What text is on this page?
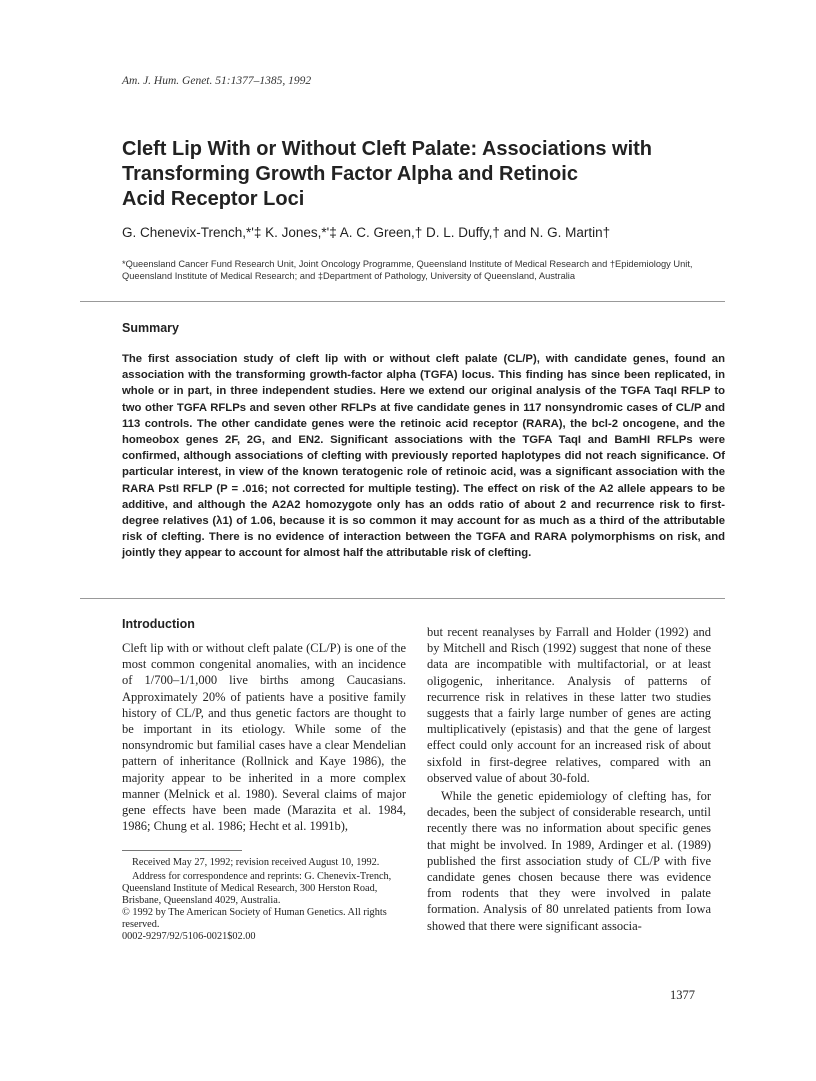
Am. J. Hum. Genet. 51:1377–1385, 1992
Cleft Lip With or Without Cleft Palate: Associations with
Transforming Growth Factor Alpha and Retinoic
Acid Receptor Loci
G. Chenevix-Trench,*'‡ K. Jones,*'‡ A. C. Green,† D. L. Duffy,† and N. G. Martin†
*Queensland Cancer Fund Research Unit, Joint Oncology Programme, Queensland Institute of Medical Research and †Epidemiology Unit,
Queensland Institute of Medical Research; and ‡Department of Pathology, University of Queensland, Australia
Summary

The first association study of cleft lip with or without cleft palate (CL/P), with candidate genes, found an association with the transforming growth-factor alpha (TGFA) locus. This finding has since been replicated, in whole or in part, in three independent studies. Here we extend our original analysis of the TGFA TaqI RFLP to two other TGFA RFLPs and seven other RFLPs at five candidate genes in 117 nonsyndromic cases of CL/P and 113 controls. The other candidate genes were the retinoic acid receptor (RARA), the bcl-2 oncogene, and the homeobox genes 2F, 2G, and EN2. Significant associations with the TGFA TaqI and BamHI RFLPs were confirmed, although associations of clefting with previously reported haplotypes did not reach significance. Of particular interest, in view of the known teratogenic role of retinoic acid, was a significant association with the RARA PstI RFLP (P = .016; not corrected for multiple testing). The effect on risk of the A2 allele appears to be additive, and although the A2A2 homozygote only has an odds ratio of about 2 and recurrence risk to first-degree relatives (λ1) of 1.06, because it is so common it may account for as much as a third of the attributable risk of clefting. There is no evidence of interaction between the TGFA and RARA polymorphisms on risk, and jointly they appear to account for almost half the attributable risk of clefting.

Introduction

Cleft lip with or without cleft palate (CL/P) is one of the most common congenital anomalies, with an incidence of 1/700–1/1,000 live births among Caucasians. Approximately 20% of patients have a positive family history of CL/P, and thus genetic factors are thought to be important in its etiology. While some of the nonsyndromic but familial cases have a clear Mendelian pattern of inheritance (Rollnick and Kaye 1986), the majority appear to be inherited in a more complex manner (Melnick et al. 1980). Several claims of major gene effects have been made (Marazita et al. 1984, 1986; Chung et al. 1986; Hecht et al. 1991b),

Received May 27, 1992; revision received August 10, 1992.
Address for correspondence and reprints: G. Chenevix-Trench, Queensland Institute of Medical Research, 300 Herston Road, Brisbane, Queensland 4029, Australia.
© 1992 by The American Society of Human Genetics. All rights reserved.
0002-9297/92/5106-0021$02.00

but recent reanalyses by Farrall and Holder (1992) and by Mitchell and Risch (1992) suggest that none of these data are incompatible with multifactorial, or at least oligogenic, inheritance. Analysis of patterns of recurrence risk in relatives in these latter two studies suggests that a fairly large number of genes are acting multiplicatively (epistasis) and that the gene of largest effect could only account for an increased risk of about sixfold in first-degree relatives, compared with an observed value of about 30-fold.

While the genetic epidemiology of clefting has, for decades, been the subject of considerable research, until recently there was no information about specific genes that might be involved. In 1989, Ardinger et al. (1989) published the first association study of CL/P with five candidate genes chosen because there was evidence from rodents that they were involved in palate formation. Analysis of 80 unrelated patients from Iowa showed that there were significant associa-

1377
